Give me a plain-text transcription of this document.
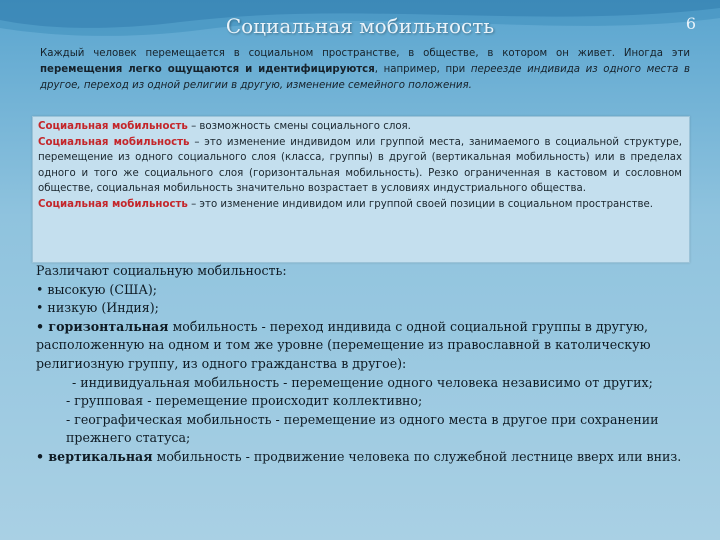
Социальная мобильность	6
Каждый человек перемещается в социальном пространстве, в обществе, в котором он живет. Иногда эти перемещения легко ощущаются и идентифицируются, например, при переезде индивида из одного места в другое, переход из одной религии в другую, изменение семейного положения.
Социальная мобильность – возможность смены социального слоя.
Социальная мобильность – это изменение индивидом или группой места, занимаемого в социальной структуре, перемещение из одного социального слоя (класса, группы) в другой (вертикальная мобильность) или в пределах одного и того же социального слоя (горизонтальная мобильность). Резко ограниченная в кастовом и сословном обществе, социальная мобильность значительно возрастает в условиях индустриального общества.
Социальная мобильность – это изменение индивидом или группой своей позиции в социальном пространстве.

Различают социальную мобильность:

• высокую (США);

• низкую (Индия);

• горизонтальная мобильность - переход индивида с одной социальной группы в другую, расположенную на одном и том же уровне (перемещение из православной в католическую религиозную группу, из одного гражданства в другое):

- индивидуальная мобильность - перемещение одного человека независимо от других;

- групповая - перемещение происходит коллективно;

- географическая мобильность - перемещение из одного места в другое при сохранении прежнего статуса;

• вертикальная мобильность - продвижение человека по служебной лестнице вверх или вниз.
